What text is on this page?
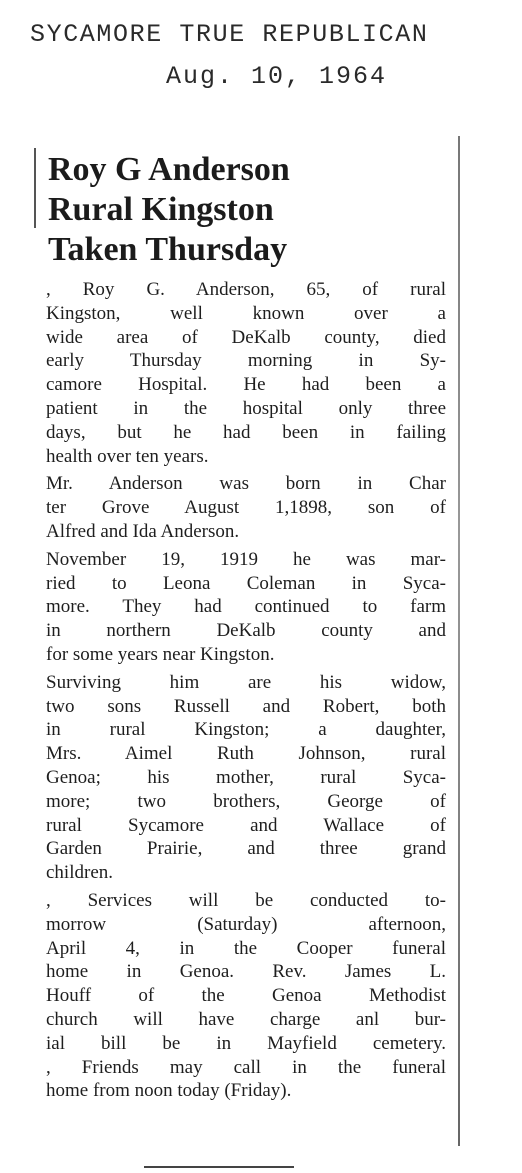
SYCAMORE TRUE REPUBLICAN
Aug. 10, 1964
Roy G Anderson
Rural Kingston
Taken Thursday

, Roy G. Anderson, 65, of rural
Kingston, well known over a
wide area of DeKalb county, died
early Thursday morning in Sy-
camore Hospital. He had been a
patient in the hospital only three
days, but he had been in failing
health over ten years.

Mr. Anderson was born in Char
ter Grove August 1,1898, son of
Alfred and Ida Anderson.

November 19, 1919 he was mar-
ried to Leona Coleman in Syca-
more. They had continued to farm
in northern DeKalb county and
for some years near Kingston.

Surviving him are his widow,
two sons Russell and Robert, both
in rural Kingston; a daughter,
Mrs. Aimel Ruth Johnson, rural
Genoa; his mother, rural Syca-
more; two brothers, George of
rural Sycamore and Wallace of
Garden Prairie, and three grand
children.

, Services will be conducted to-
morrow (Saturday) afternoon,
April 4, in the Cooper funeral
home in Genoa. Rev. James L.
Houff of the Genoa Methodist
church will have charge anl bur-
ial bill be in Mayfield cemetery.
, Friends may call in the funeral
home from noon today (Friday).
